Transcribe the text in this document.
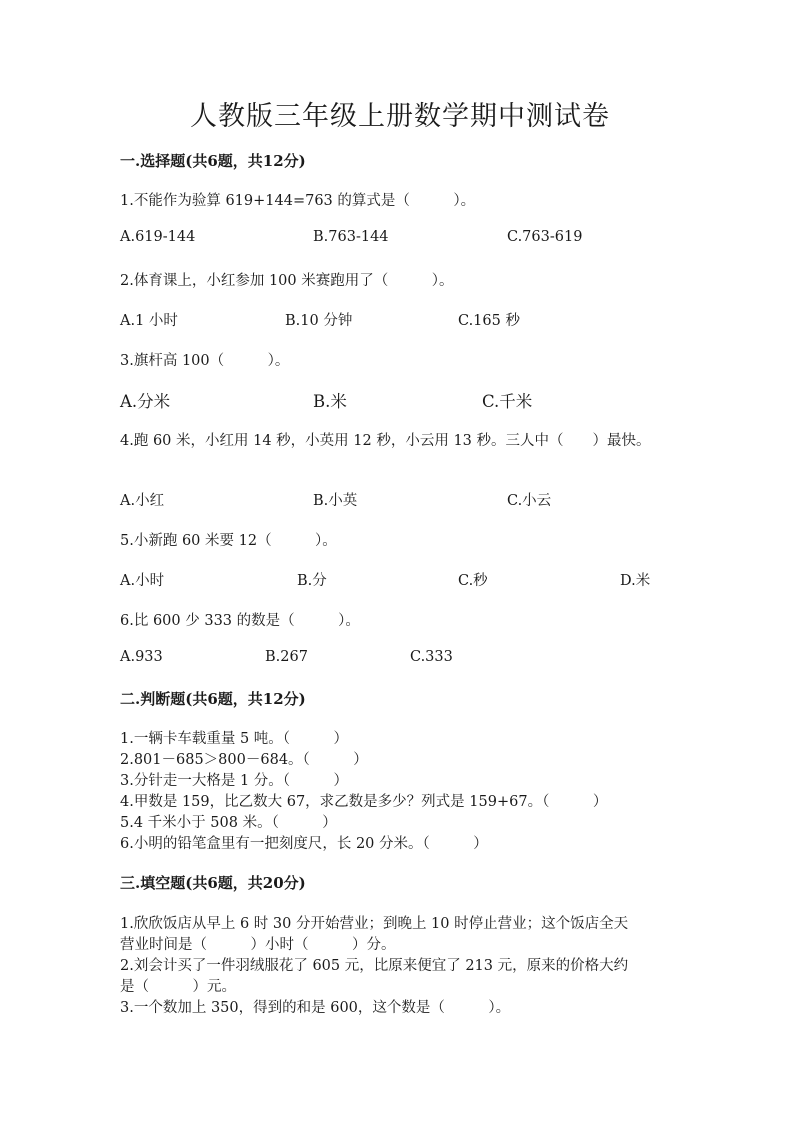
人教版三年级上册数学期中测试卷
一.选择题(共6题，共12分)
1.不能作为验算 619+144=763 的算式是（　　　）。
A.619-144	B.763-144	C.763-619
2.体育课上，小红参加 100 米赛跑用了（　　　）。
A.1 小时	B.10 分钟	C.165 秒
3.旗杆高 100（　　　）。
A.分米	B.米	C.千米
4.跑 60 米，小红用 14 秒，小英用 12 秒，小云用 13 秒。三人中（　　）最快。
A.小红	B.小英	C.小云
5.小新跑 60 米要 12（　　　）。
A.小时	B.分	C.秒	D.米
6.比 600 少 333 的数是（　　　）。
A.933	B.267	C.333
二.判断题(共6题，共12分)
1.一辆卡车载重量 5 吨。（　　　）
2.801－685＞800－684。（　　　）
3.分针走一大格是 1 分。（　　　）
4.甲数是 159，比乙数大 67，求乙数是多少？列式是 159+67。（　　　）
5.4 千米小于 508 米。（　　　）
6.小明的铅笔盒里有一把刻度尺，长 20 分米。（　　　）
三.填空题(共6题，共20分)
1.欣欣饭店从早上 6 时 30 分开始营业；到晚上 10 时停止营业；这个饭店全天
营业时间是（　　　）小时（　　　）分。
2.刘会计买了一件羽绒服花了 605 元，比原来便宜了 213 元，原来的价格大约
是（　　　）元。
3.一个数加上 350，得到的和是 600，这个数是（　　　）。
